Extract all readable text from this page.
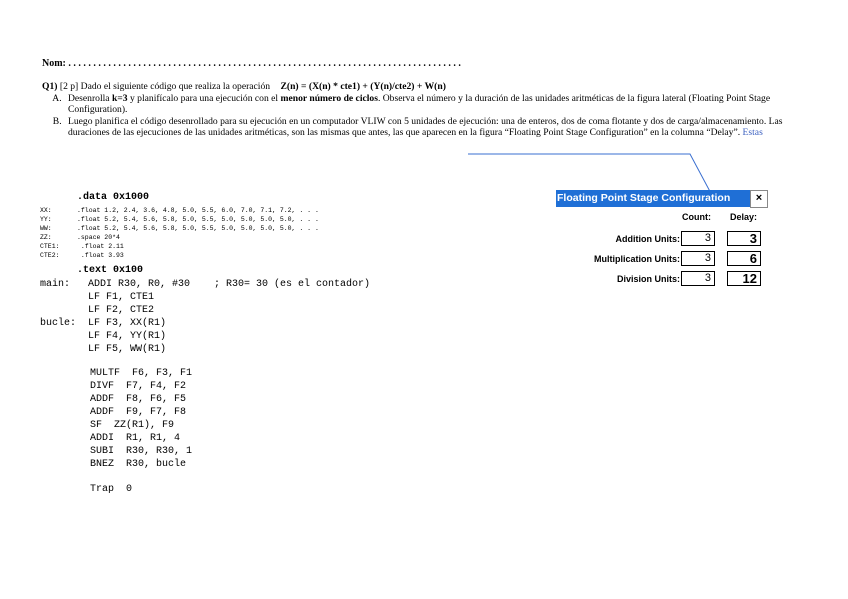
Nom: . . . . . . . . . . . . . . . . . . . . . . . . . . . . . . . . . . . . . . . . . . . . . . . . . . . . . . . . . . . . . . . . . . . . . . . . . . . . . . .
Q1) [2 p] Dado el siguiente código que realiza la operación Z(n) = (X(n) * cte1) + (Y(n)/cte2) + W(n)
A. Desenrolla k=3 y planifícalo para una ejecución con el menor número de ciclos. Observa el número y la duración de las unidades aritméticas de la figura lateral (Floating Point Stage Configuration).
B. Luego planifica el código desenrollado para su ejecución en un computador VLIW con 5 unidades de ejecución: una de enteros, dos de coma flotante y dos de carga/almacenamiento. Las duraciones de las ejecuciones de las unidades aritméticas, son las mismas que antes, las que aparecen en la figura “Floating Point Stage Configuration” en la columna “Delay”. Estas
.data 0x1000
XX:	.float 1.2, 2.4, 3.6, 4.8, 5.0, 5.5, 6.0, 7.0, 7.1, 7.2, . . .
YY:	.float 5.2, 5.4, 5.6, 5.8, 5.0, 5.5, 5.0, 5.0, 5.0, 5.0, . . .
WW:	.float 5.2, 5.4, 5.6, 5.8, 5.0, 5.5, 5.0, 5.0, 5.0, 5.0, . . .
ZZ:	.space 20*4
CTE1:	.float 2.11
CTE2:	.float 3.93
.text 0x100
main: ADDI R30, R0, #30    ; R30= 30 (es el contador)
LF F1, CTE1
LF F2, CTE2
bucle: LF F3, XX(R1)
LF F4, YY(R1)
LF F5, WW(R1)
MULTF  F6, F3, F1
DIVF  F7, F4, F2
ADDF  F8, F6, F5
ADDF  F9, F7, F8
SF  ZZ(R1), F9
ADDI  R1, R1, 4
SUBI  R30, R30, 1
BNEZ  R30, bucle
Trap  0
Floating Point Stage Configuration	×
Count: Delay:
Addition Units:	3	3
Multiplication Units:	3	6
Division Units:	3	12
